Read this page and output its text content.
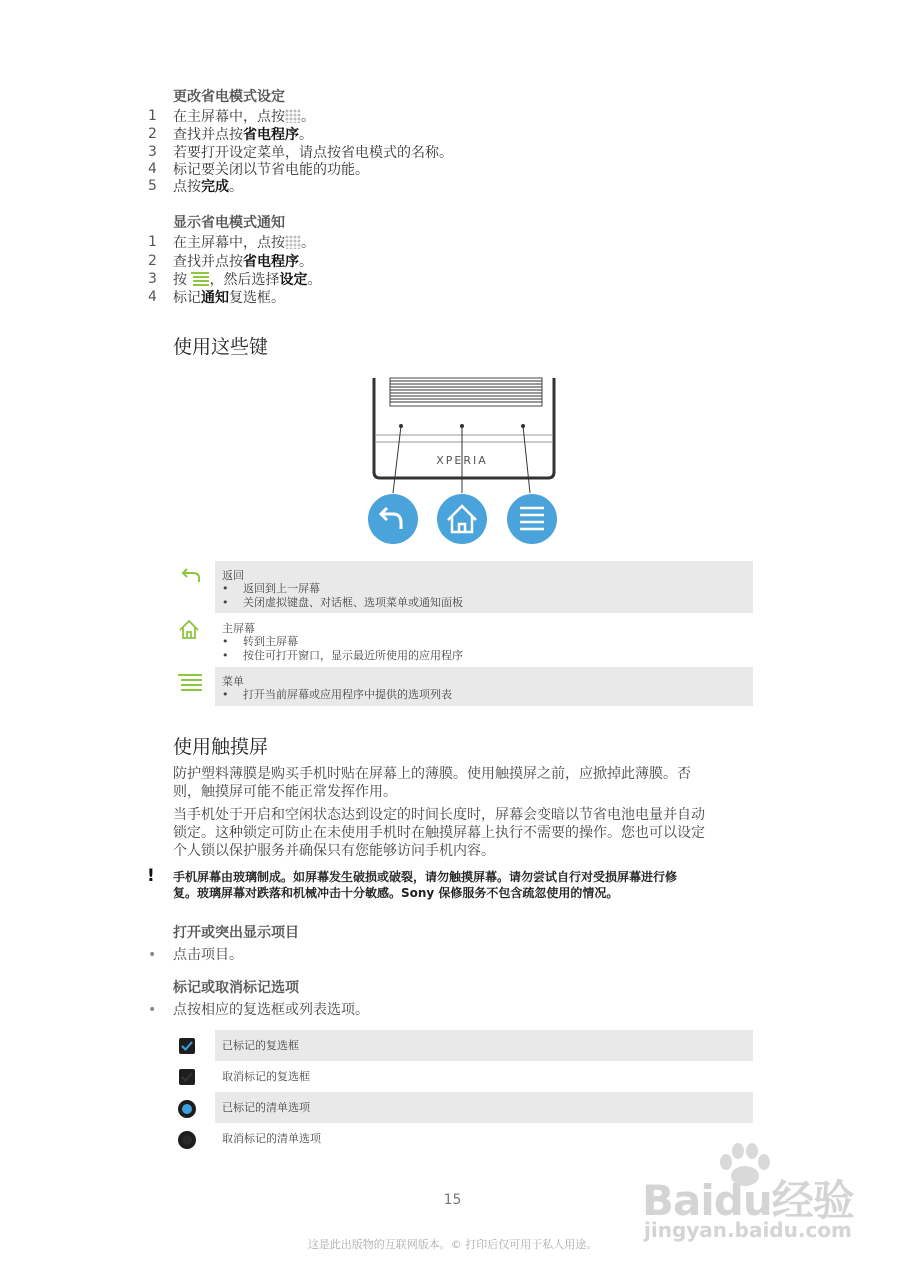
更改省电模式设定
1 在主屏幕中，点按 。
2 查找并点按省电程序。
3 若要打开设定菜单，请点按省电模式的名称。
4 标记要关闭以节省电能的功能。
5 点按完成。
显示省电模式通知
1 在主屏幕中，点按 。
2 查找并点按省电程序。
3 按 ，然后选择设定。
4 标记通知复选框。
使用这些键
XPERIA
返回
• 返回到上一屏幕
• 关闭虚拟键盘、对话框、选项菜单或通知面板
主屏幕
• 转到主屏幕
• 按住可打开窗口，显示最近所使用的应用程序
菜单
• 打开当前屏幕或应用程序中提供的选项列表
使用触摸屏
防护塑料薄膜是购买手机时贴在屏幕上的薄膜。使用触摸屏之前，应掀掉此薄膜。否
则，触摸屏可能不能正常发挥作用。
当手机处于开启和空闲状态达到设定的时间长度时，屏幕会变暗以节省电池电量并自动
锁定。这种锁定可防止在未使用手机时在触摸屏幕上执行不需要的操作。您也可以设定
个人锁以保护服务并确保只有您能够访问手机内容。
! 手机屏幕由玻璃制成。如屏幕发生破损或破裂，请勿触摸屏幕。请勿尝试自行对受损屏幕进行修
复。玻璃屏幕对跌落和机械冲击十分敏感。Sony 保修服务不包含疏忽使用的情况。
打开或突出显示项目
• 点击项目。
标记或取消标记选项
• 点按相应的复选框或列表选项。
已标记的复选框
取消标记的复选框
已标记的清单选项
取消标记的清单选项
15
这是此出版物的互联网版本。© 打印后仅可用于私人用途。
Baidu经验
jingyan.baidu.com
